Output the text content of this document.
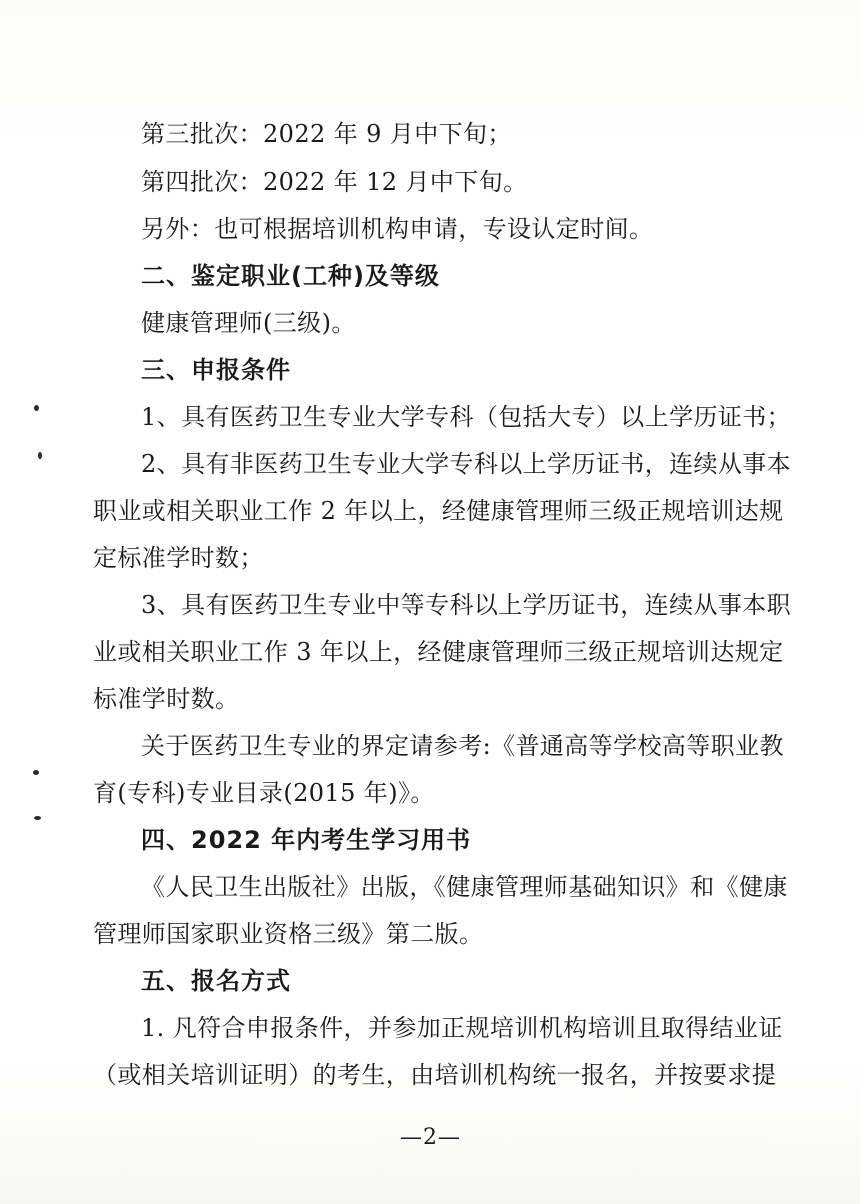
第三批次：2022 年 9 月中下旬；
第四批次：2022 年 12 月中下旬。
另外：也可根据培训机构申请，专设认定时间。
二、鉴定职业(工种)及等级
健康管理师(三级)。
三、申报条件
1、具有医药卫生专业大学专科（包括大专）以上学历证书；
2、具有非医药卫生专业大学专科以上学历证书，连续从事本
职业或相关职业工作 2 年以上，经健康管理师三级正规培训达规
定标准学时数；
3、具有医药卫生专业中等专科以上学历证书，连续从事本职
业或相关职业工作 3 年以上，经健康管理师三级正规培训达规定
标准学时数。
关于医药卫生专业的界定请参考:《普通高等学校高等职业教
育(专科)专业目录(2015 年)》。
四、2022 年内考生学习用书
《人民卫生出版社》出版，《健康管理师基础知识》和《健康
管理师国家职业资格三级》第二版。
五、报名方式
1. 凡符合申报条件，并参加正规培训机构培训且取得结业证
（或相关培训证明）的考生，由培训机构统一报名，并按要求提
—2—
